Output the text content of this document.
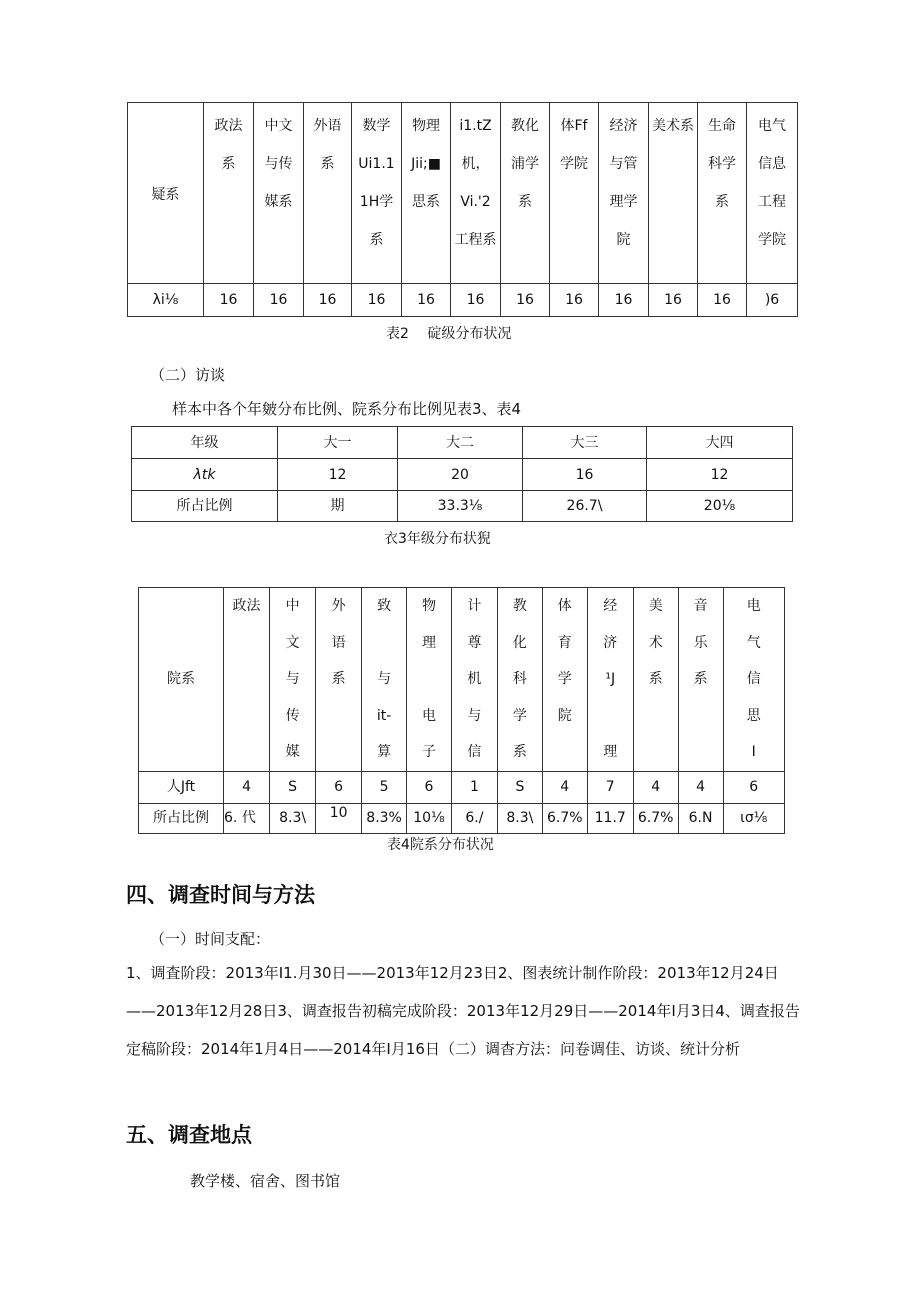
疑系	政法
系	中文
与传
媒系	外语
系	数学
Ui1.1
1H学
系	物理
Jii;■
思系	i1.tZ
机，
Vi.'2
工程系	教化
浦学
系	体Ff
学院	经济
与管
理学
院	美术系	生命
科学
系	电气
信息
工程
学院
λi⅛	16	16	16	16	16	16	16	16	16	16	16	)6
表2　 碇级分布状况
（二）访谈
样本中各个年皴分布比例、院系分布比例见表3、表4
年级	大一	大二	大三	大四
λtk	12	20	16	12
所占比例	期	33.3⅛	26.7\	20⅛
衣3年级分布状猊
院系	政法	中
文
与
传
媒	外
语
系	致

与
it-
算	物
理

电
子	计
尊
机
与
信	教
化
科
学
系	体
育
学
院	经
济
¹J

理	美
术
系	音
乐
系	电
气
信
思
I
人Jft	4	S	6	5	6	1	S	4	7	4	4	6
所占比例	6. 代	8.3\	10	8.3%	10⅛	6./	8.3\	6.7%	11.7	6.7%	6.N	ισ⅛
表4院系分布状况
四、调查时间与方法
（一）时间支配：
1、调査阶段：2013年I1.月30日——2013年12月23日2、图表统计制作阶段：2013年12月24日——2013年12月28日3、调查报告初稿完成阶段：2013年12月29日——2014年I月3日4、调查报告定稿阶段：2014年1月4日——2014年I月16日（二）调杳方法：问卷调佳、访谈、统计分析
五、调查地点
教学楼、宿舍、图书馆
